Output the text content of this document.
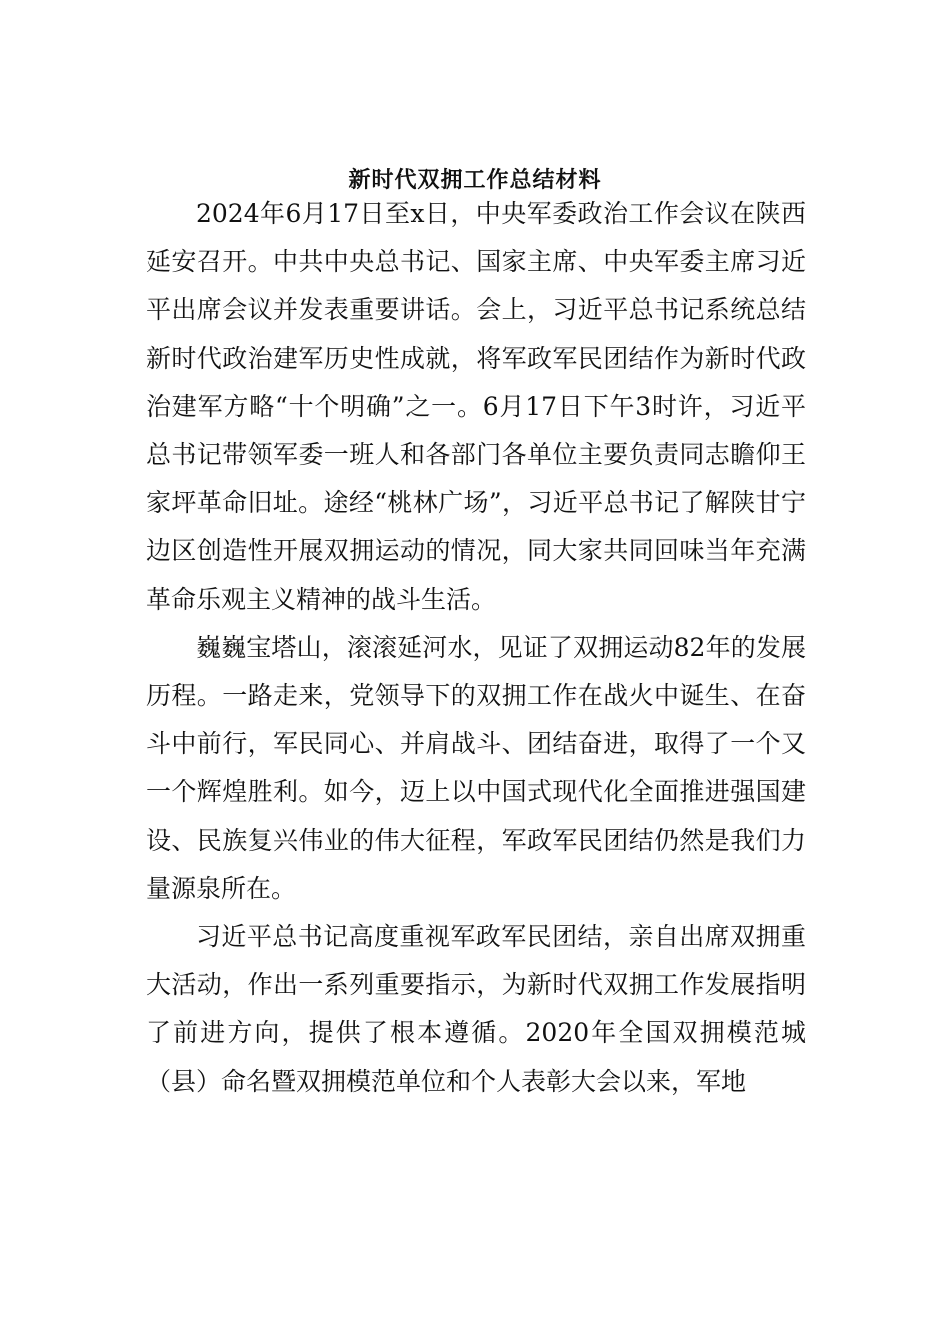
新时代双拥工作总结材料

2024年6月17日至x日，中央军委政治工作会议在陕西延安召开。中共中央总书记、国家主席、中央军委主席习近平出席会议并发表重要讲话。会上，习近平总书记系统总结新时代政治建军历史性成就，将军政军民团结作为新时代政治建军方略“十个明确”之一。6月17日下午3时许，习近平总书记带领军委一班人和各部门各单位主要负责同志瞻仰王家坪革命旧址。途经“桃林广场”，习近平总书记了解陕甘宁边区创造性开展双拥运动的情况，同大家共同回味当年充满革命乐观主义精神的战斗生活。

巍巍宝塔山，滚滚延河水，见证了双拥运动82年的发展历程。一路走来，党领导下的双拥工作在战火中诞生、在奋斗中前行，军民同心、并肩战斗、团结奋进，取得了一个又一个辉煌胜利。如今，迈上以中国式现代化全面推进强国建设、民族复兴伟业的伟大征程，军政军民团结仍然是我们力量源泉所在。

习近平总书记高度重视军政军民团结，亲自出席双拥重大活动，作出一系列重要指示，为新时代双拥工作发展指明了前进方向，提供了根本遵循。2020年全国双拥模范城（县）命名暨双拥模范单位和个人表彰大会以来，军地
